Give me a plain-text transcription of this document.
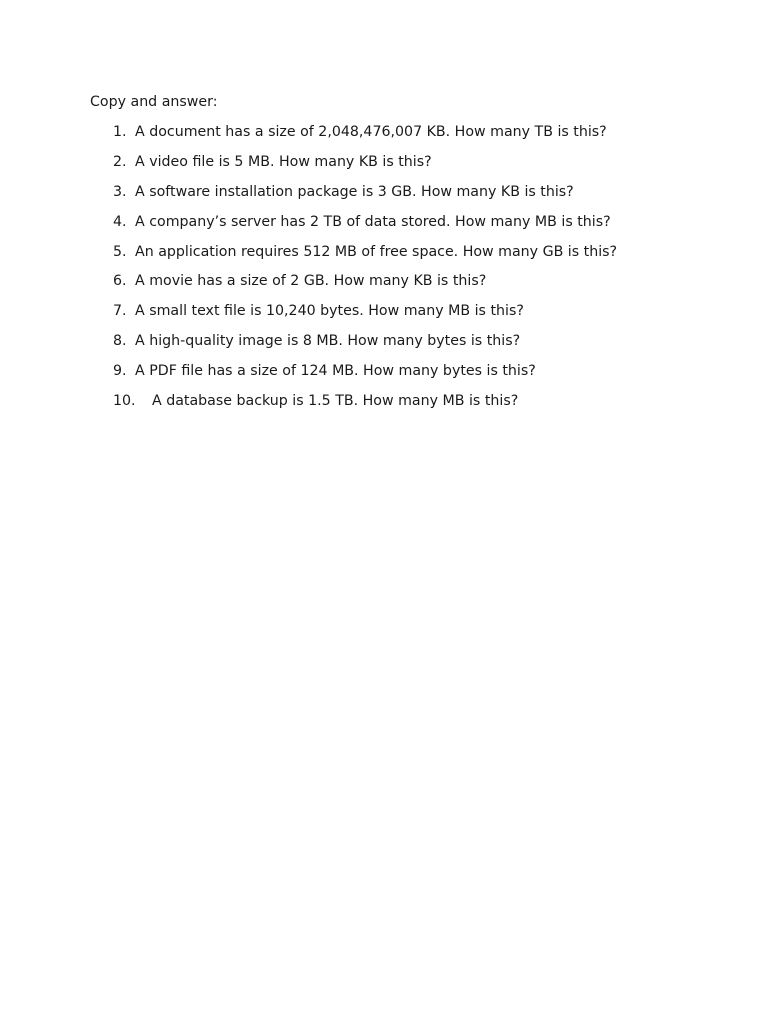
Copy and answer:
1. A document has a size of 2,048,476,007 KB. How many TB is this?
2. A video file is 5 MB. How many KB is this?
3. A software installation package is 3 GB. How many KB is this?
4. A company’s server has 2 TB of data stored. How many MB is this?
5. An application requires 512 MB of free space. How many GB is this?
6. A movie has a size of 2 GB. How many KB is this?
7. A small text file is 10,240 bytes. How many MB is this?
8. A high-quality image is 8 MB. How many bytes is this?
9. A PDF file has a size of 124 MB. How many bytes is this?
10. A database backup is 1.5 TB. How many MB is this?
